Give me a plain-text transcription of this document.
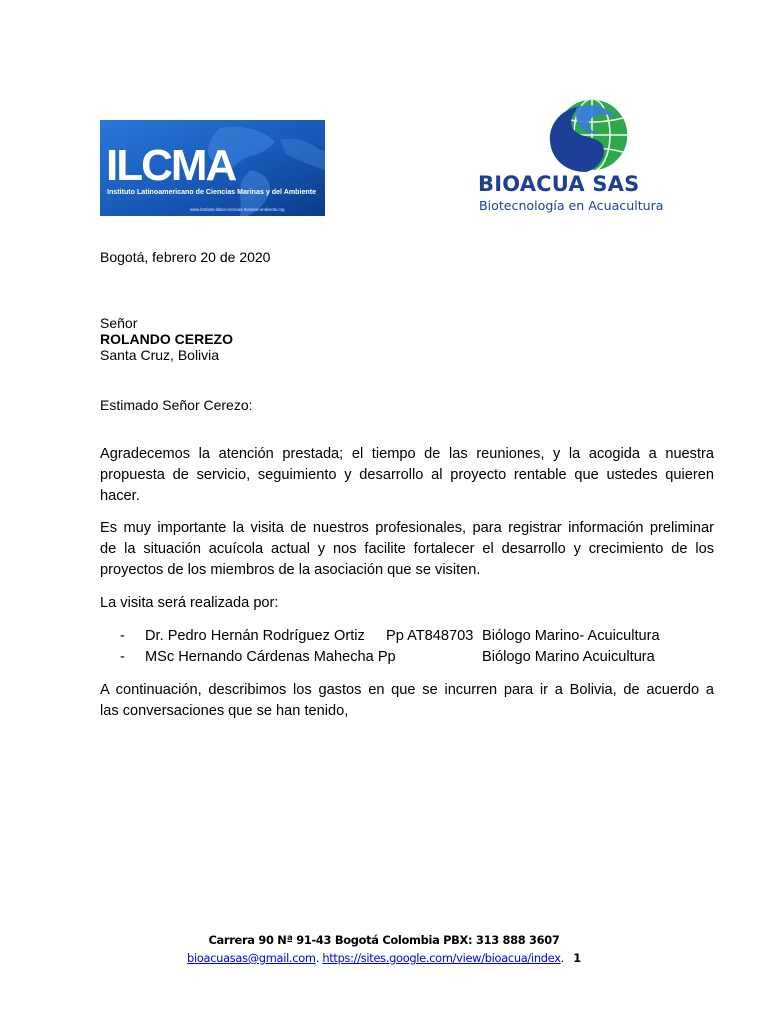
ILCMA
Instituto Latinoamericano de Ciencias Marinas y del Ambiente
www.instituto-latino-ciencias-marinas-ambiente.org
BIOACUA SAS
Biotecnología en Acuacultura
Bogotá, febrero 20 de 2020
Señor
ROLANDO CEREZO
Santa Cruz, Bolivia
Estimado Señor Cerezo:
Agradecemos la atención prestada; el tiempo de las reuniones, y la acogida a nuestra
propuesta de servicio, seguimiento y desarrollo al proyecto rentable que ustedes quieren
hacer.
Es muy importante la visita de nuestros profesionales, para registrar información preliminar
de la situación acuícola actual y nos facilite fortalecer el desarrollo y crecimiento de los
proyectos de los miembros de la asociación que se visiten.
La visita será realizada por:
- Dr. Pedro Hernán Rodríguez Ortiz Pp AT848703 Biólogo Marino- Acuicultura
- MSc Hernando Cárdenas Mahecha Pp	Biólogo Marino Acuicultura
A continuación, describimos los gastos en que se incurren para ir a Bolivia, de acuerdo a
las conversaciones que se han tenido,
Carrera 90 Nª 91-43 Bogotá Colombia PBX: 313 888 3607
bioacuasas@gmail.com. https://sites.google.com/view/bioacua/index. 1
